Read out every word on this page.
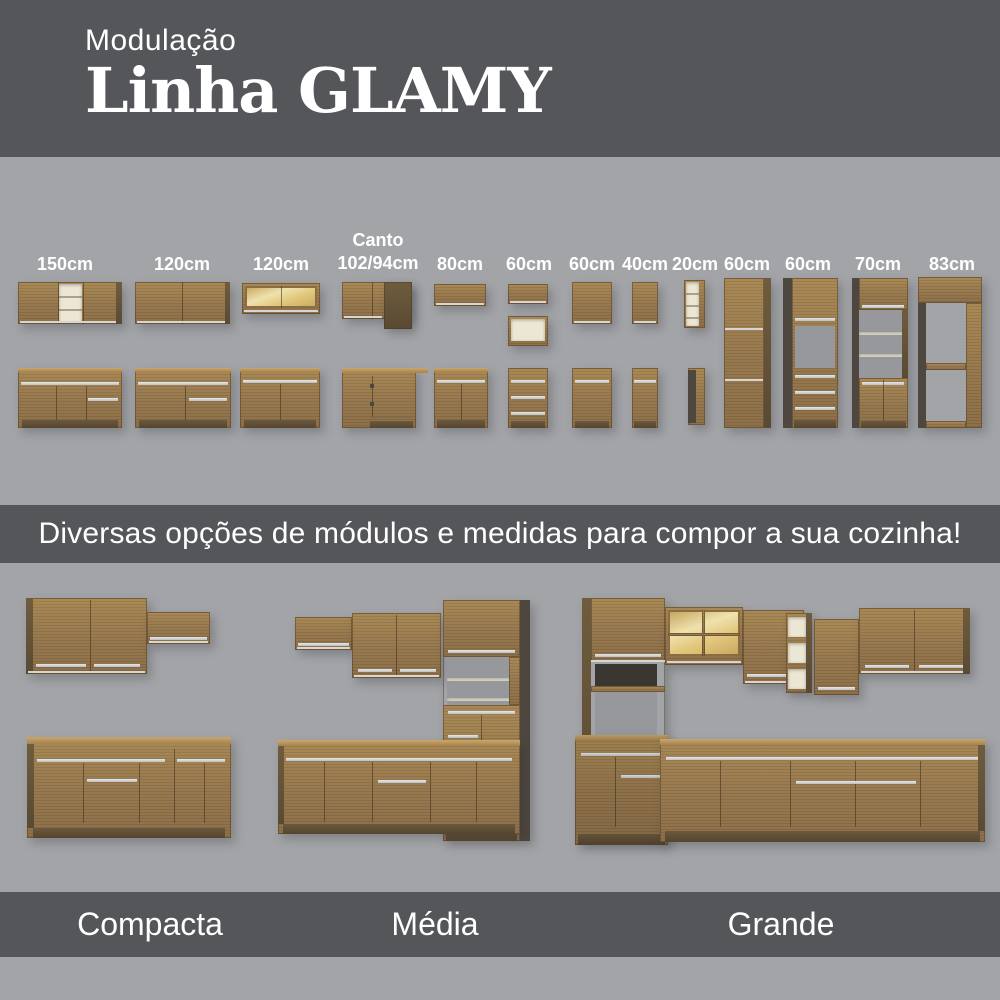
Modulação
Linha GLAMY
150cm	120cm	120cm
Canto
102/94cm	80cm	60cm 60cm 40cm 20cm 60cm 60cm	70cm	83cm
Diversas opções de módulos e medidas para compor a sua cozinha!
Compacta	Média	Grande
